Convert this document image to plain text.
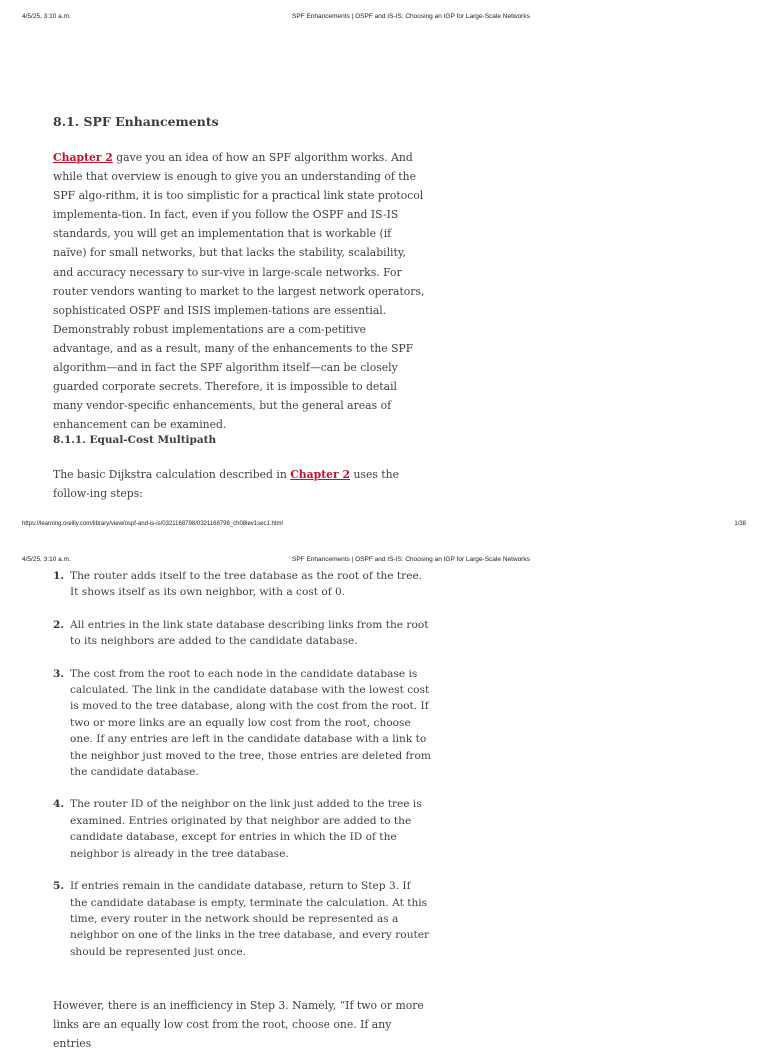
4/5/25, 3:10 a.m.	SPF Enhancements | OSPF and IS-IS: Choosing an IGP for Large-Scale Networks
8.1. SPF Enhancements

Chapter 2 gave you an idea of how an SPF algorithm works. And while that overview is enough to give you an understanding of the SPF algo-rithm, it is too simplistic for a practical link state protocol implementa-tion. In fact, even if you follow the OSPF and IS-IS standards, you will get an implementation that is workable (if naïve) for small networks, but that lacks the stability, scalability, and accuracy necessary to sur-vive in large-scale networks. For router vendors wanting to market to the largest network operators, sophisticated OSPF and ISIS implemen-tations are essential. Demonstrably robust implementations are a com-petitive advantage, and as a result, many of the enhancements to the SPF algorithm—and in fact the SPF algorithm itself—can be closely guarded corporate secrets. Therefore, it is impossible to detail many vendor-specific enhancements, but the general areas of enhancement can be examined.

8.1.1. Equal-Cost Multipath

The basic Dijkstra calculation described in Chapter 2 uses the follow-ing steps:

https://learning.oreilly.com/library/view/ospf-and-is-is/0321168798/0321168798_ch08lev1sec1.html	1/38
4/5/25, 3:10 a.m.	SPF Enhancements | OSPF and IS-IS: Choosing an IGP for Large-Scale Networks
1. The router adds itself to the tree database as the root of the tree. It shows itself as its own neighbor, with a cost of 0.
2. All entries in the link state database describing links from the root to its neighbors are added to the candidate database.
3. The cost from the root to each node in the candidate database is calculated. The link in the candidate database with the lowest cost is moved to the tree database, along with the cost from the root. If two or more links are an equally low cost from the root, choose one. If any entries are left in the candidate database with a link to the neighbor just moved to the tree, those entries are deleted from the candidate database.
4. The router ID of the neighbor on the link just added to the tree is examined. Entries originated by that neighbor are added to the candidate database, except for entries in which the ID of the neighbor is already in the tree database.
5. If entries remain in the candidate database, return to Step 3. If the candidate database is empty, terminate the calculation. At this time, every router in the network should be represented as a neighbor on one of the links in the tree database, and every router should be represented just once.

However, there is an inefficiency in Step 3. Namely, “If two or more links are an equally low cost from the root, choose one. If any entries
